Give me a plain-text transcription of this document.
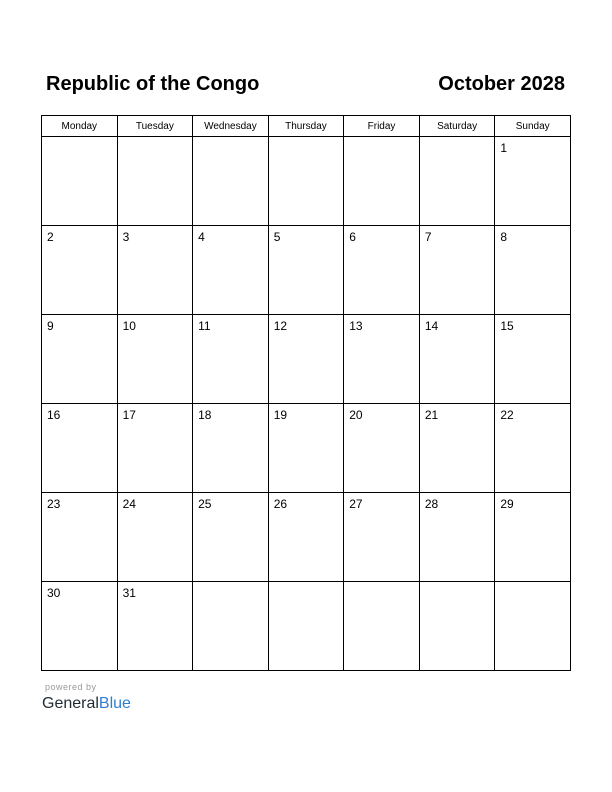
Republic of the Congo	October 2028
Monday	Tuesday	Wednesday	Thursday	Friday	Saturday	Sunday

						1

2	3	4	5	6	7	8

9	10	11	12	13	14	15

16	17	18	19	20	21	22

23	24	25	26	27	28	29

30	31					

powered by
GeneralBlue
